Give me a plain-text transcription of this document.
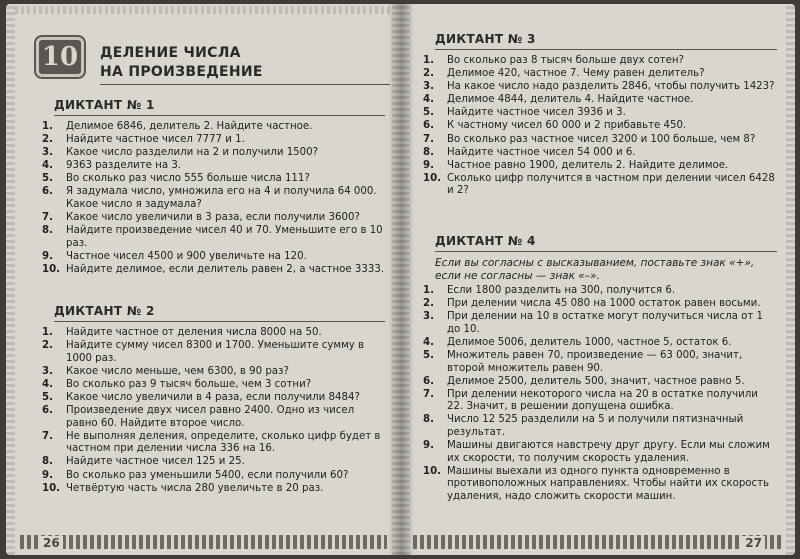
10	ДЕЛЕНИЕ ЧИСЛА
НА ПРОИЗВЕДЕНИЕ
ДИКТАНТ № 1
1.	Делимое 6846, делитель 2. Найдите частное.
2.	Найдите частное чисел 7777 и 1.
3.	Какое число разделили на 2 и получили 1500?
4.	9363 разделите на 3.
5.	Во сколько раз число 555 больше числа 111?
6.	Я задумала число, умножила его на 4 и получила 64 000. Какое число я задумала?
7.	Какое число увеличили в 3 раза, если получили 3600?
8.	Найдите произведение чисел 40 и 70. Уменьшите его в 10 раз.
9.	Частное чисел 4500 и 900 увеличьте на 120.
10. Найдите делимое, если делитель равен 2, а частное 3333.
ДИКТАНТ № 2
1.	Найдите частное от деления числа 8000 на 50.
2.	Найдите сумму чисел 8300 и 1700. Уменьшите сумму в 1000 раз.
3.	Какое число меньше, чем 6300, в 90 раз?
4.	Во сколько раз 9 тысяч больше, чем 3 сотни?
5.	Какое число увеличили в 4 раза, если получили 8484?
6.	Произведение двух чисел равно 2400. Одно из чисел равно 60. Найдите второе число.
7.	Не выполняя деления, определите, сколько цифр будет в частном при делении числа 336 на 16.
8.	Найдите частное чисел 125 и 25.
9.	Во сколько раз уменьшили 5400, если получили 60?
10. Четвёртую часть числа 280 увеличьте в 20 раз.
26
ДИКТАНТ № 3
1.	Во сколько раз 8 тысяч больше двух сотен?
2.	Делимое 420, частное 7. Чему равен делитель?
3.	На какое число надо разделить 2846, чтобы получить 1423?
4.	Делимое 4844, делитель 4. Найдите частное.
5.	Найдите частное чисел 3936 и 3.
6.	К частному чисел 60 000 и 2 прибавьте 450.
7.	Во сколько раз частное чисел 3200 и 100 больше, чем 8?
8.	Найдите частное чисел 54 000 и 6.
9.	Частное равно 1900, делитель 2. Найдите делимое.
10. Сколько цифр получится в частном при делении чисел 6428 и 2?
ДИКТАНТ № 4
Если вы согласны с высказыванием, поставьте знак «+», если не согласны — знак «–».
1.	Если 1800 разделить на 300, получится 6.
2.	При делении числа 45 080 на 1000 остаток равен восьми.
3.	При делении на 10 в остатке могут получиться числа от 1 до 10.
4.	Делимое 5006, делитель 1000, частное 5, остаток 6.
5.	Множитель равен 70, произведение — 63 000, значит, второй множитель равен 90.
6.	Делимое 2500, делитель 500, значит, частное равно 5.
7.	При делении некоторого числа на 20 в остатке получили 22. Значит, в решении допущена ошибка.
8.	Число 12 525 разделили на 5 и получили пятизначный результат.
9.	Машины двигаются навстречу друг другу. Если мы сложим их скорости, то получим скорость удаления.
10. Машины выехали из одного пункта одновременно в противоположных направлениях. Чтобы найти их скорость удаления, надо сложить скорости машин.
27
